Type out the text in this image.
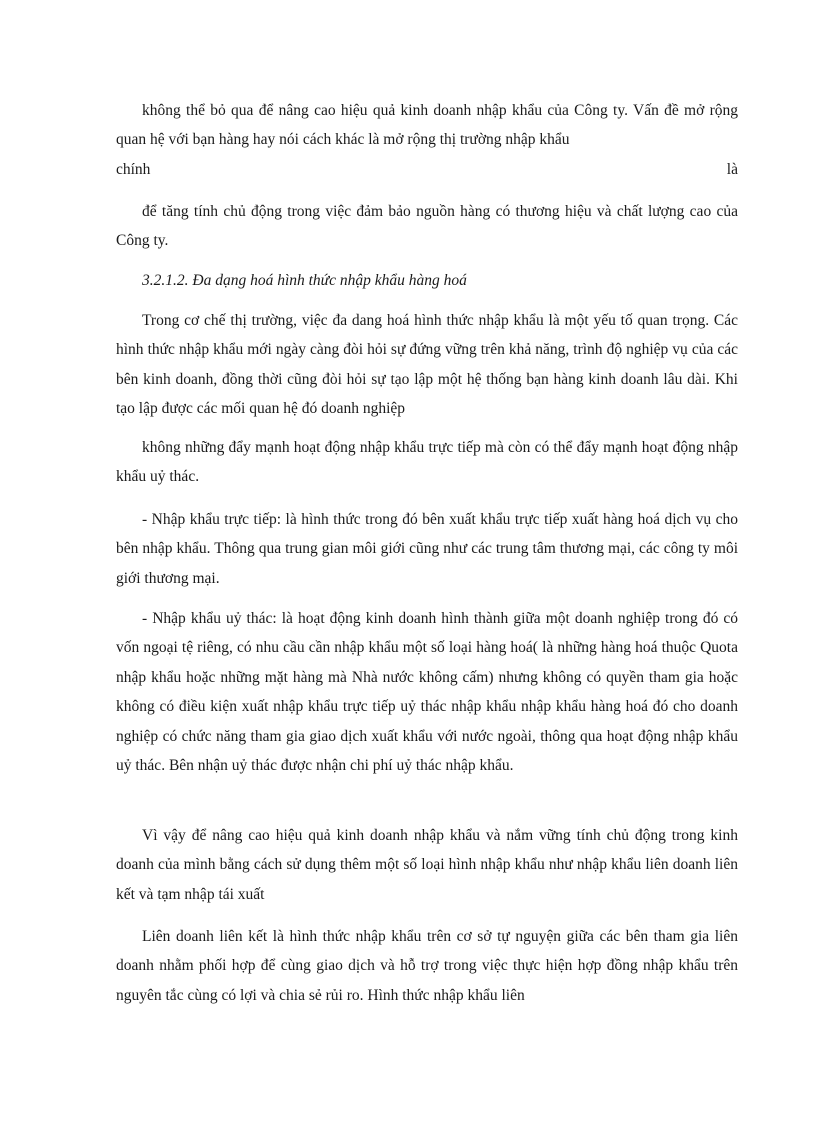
không thể bỏ qua để nâng cao hiệu quả kinh doanh nhập khẩu của Công ty. Vấn đề mở rộng quan hệ với bạn hàng hay nói cách khác là mở rộng thị trường nhập khẩu

chính là

để tăng tính chủ động trong việc đảm bảo nguồn hàng có thương hiệu và chất lượng cao của Công ty.

3.2.1.2. Đa dạng hoá hình thức nhập khẩu hàng hoá

Trong cơ chế thị trường, việc đa dang hoá hình thức nhập khẩu là một yếu tố quan trọng. Các hình thức nhập khẩu mới ngày càng đòi hỏi sự đứng vững trên khả năng, trình độ nghiệp vụ của các bên kinh doanh, đồng thời cũng đòi hỏi sự tạo lập một hệ thống bạn hàng kinh doanh lâu dài. Khi tạo lập được các mối quan hệ đó doanh nghiệp

không những đẩy mạnh hoạt động nhập khẩu trực tiếp mà còn có thể đẩy mạnh hoạt động nhập khẩu uỷ thác.

- Nhập khẩu trực tiếp: là hình thức trong đó bên xuất khẩu trực tiếp xuất hàng hoá dịch vụ cho bên nhập khẩu. Thông qua trung gian môi giới cũng như các trung tâm thương mại, các công ty môi giới thương mại.

- Nhập khẩu uỷ thác: là hoạt động kinh doanh hình thành giữa một doanh nghiệp trong đó có vốn ngoại tệ riêng, có nhu cầu cần nhập khẩu một số loại hàng hoá( là những hàng hoá thuộc Quota nhập khẩu hoặc những mặt hàng mà Nhà nước không cấm) nhưng không có quyền tham gia hoặc không có điều kiện xuất nhập khẩu trực tiếp uỷ thác nhập khẩu nhập khẩu hàng hoá đó cho doanh nghiệp có chức năng tham gia giao dịch xuất khẩu với nước ngoài, thông qua hoạt động nhập khẩu uỷ thác. Bên nhận uỷ thác được nhận chi phí uỷ thác nhập khẩu.

Vì vậy để nâng cao hiệu quả kinh doanh nhập khẩu và nắm vững tính chủ động trong kinh doanh của mình bằng cách sử dụng thêm một số loại hình nhập khẩu như nhập khẩu liên doanh liên kết và tạm nhập tái xuất

Liên doanh liên kết là hình thức nhập khẩu trên cơ sở tự nguyện giữa các bên tham gia liên doanh nhằm phối hợp để cùng giao dịch và hỗ trợ trong việc thực hiện hợp đồng nhập khẩu trên nguyên tắc cùng có lợi và chia sẻ rủi ro. Hình thức nhập khẩu liên
